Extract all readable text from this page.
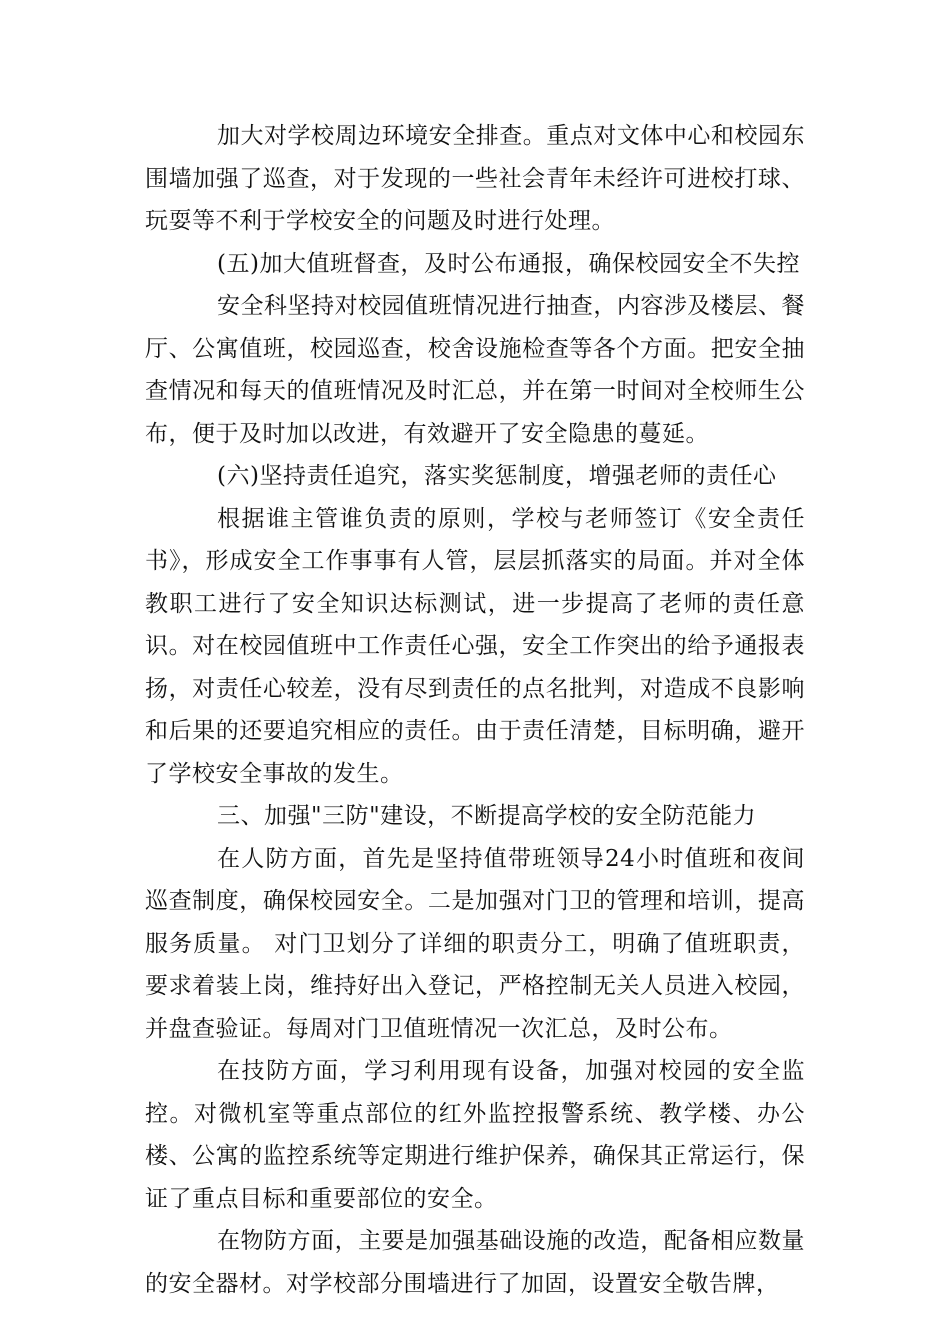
加大对学校周边环境安全排查。重点对文体中心和校园东围墙加强了巡查，对于发现的一些社会青年未经许可进校打球、玩耍等不利于学校安全的问题及时进行处理。

(五)加大值班督查，及时公布通报，确保校园安全不失控

安全科坚持对校园值班情况进行抽查，内容涉及楼层、餐厅、公寓值班，校园巡查，校舍设施检查等各个方面。把安全抽查情况和每天的值班情况及时汇总，并在第一时间对全校师生公布，便于及时加以改进，有效避开了安全隐患的蔓延。

(六)坚持责任追究，落实奖惩制度，增强老师的责任心

根据谁主管谁负责的原则，学校与老师签订《安全责任书》，形成安全工作事事有人管，层层抓落实的局面。并对全体教职工进行了安全知识达标测试，进一步提高了老师的责任意识。对在校园值班中工作责任心强，安全工作突出的给予通报表扬，对责任心较差，没有尽到责任的点名批判，对造成不良影响和后果的还要追究相应的责任。由于责任清楚，目标明确，避开了学校安全事故的发生。

三、加强"三防"建设，不断提高学校的安全防范能力

在人防方面，首先是坚持值带班领导24小时值班和夜间巡查制度，确保校园安全。二是加强对门卫的管理和培训，提高服务质量。 对门卫划分了详细的职责分工，明确了值班职责，要求着装上岗，维持好出入登记，严格控制无关人员进入校园，并盘查验证。每周对门卫值班情况一次汇总，及时公布。

在技防方面，学习利用现有设备，加强对校园的安全监控。对微机室等重点部位的红外监控报警系统、教学楼、办公楼、公寓的监控系统等定期进行维护保养，确保其正常运行，保证了重点目标和重要部位的安全。

在物防方面，主要是加强基础设施的改造，配备相应数量的安全器材。对学校部分围墙进行了加固，设置安全敬告牌，
